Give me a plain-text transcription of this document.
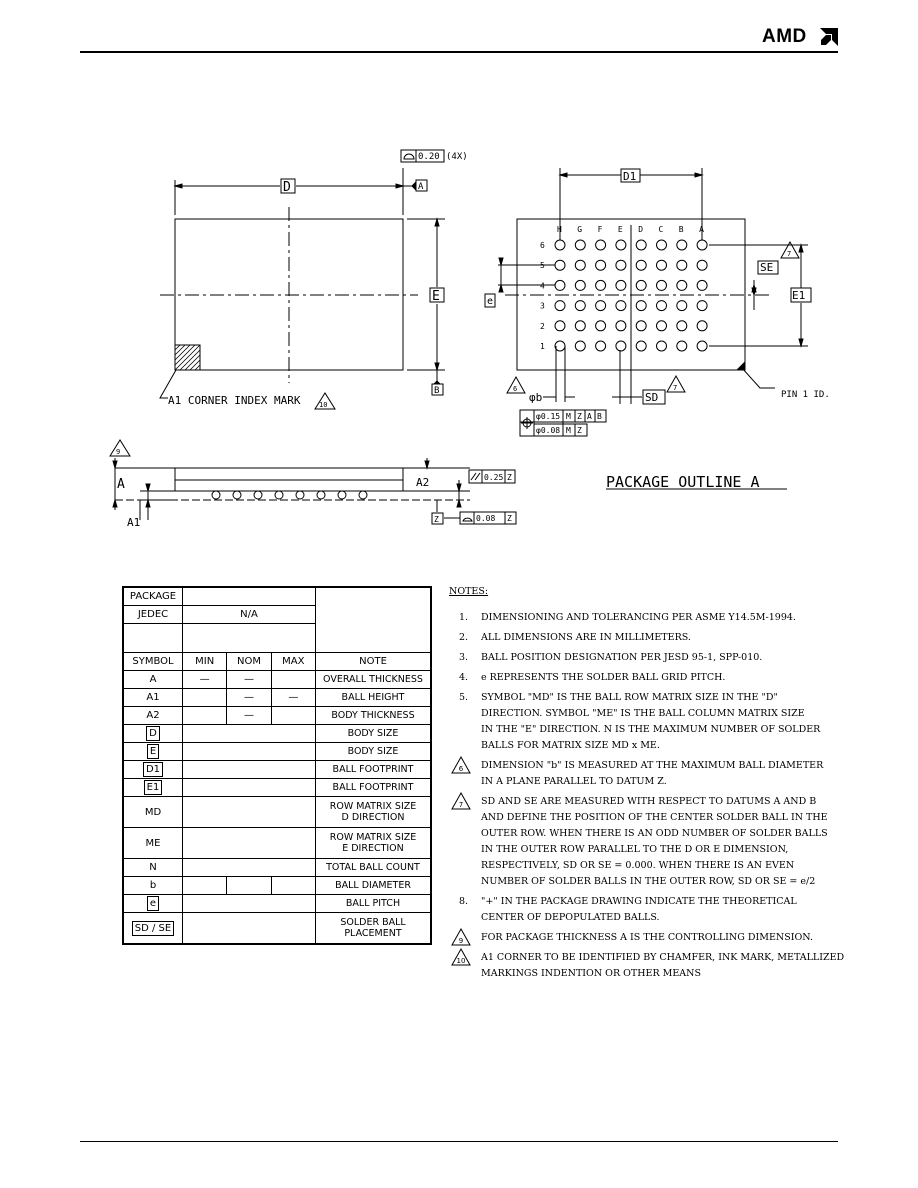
AMD
0.20 (4X)
A
B
D
E
A1 CORNER INDEX MARK	10
D1
E1
SE
SD
e
φb
7
7
6
PIN 1 ID.
φ0.15 M Z A B
φ0.08 M Z
H G F E D C B A
6
5
4
3
2
1
9
A
A1
A2	0.25 Z
Z	0.08 Z
PACKAGE OUTLINE A
PACKAGE				
JEDEC	N/A			

SYMBOL	MIN	NOM	MAX	NOTE
A	—	—		OVERALL THICKNESS
A1		—	—	BALL HEIGHT
A2		—		BODY THICKNESS
D				BODY SIZE
E				BODY SIZE
D1				BALL FOOTPRINT
E1				BALL FOOTPRINT
MD				ROW MATRIX SIZE
D DIRECTION

ME				ROW MATRIX SIZE
E DIRECTION

N				TOTAL BALL COUNT
b				BALL DIAMETER
e				BALL PITCH
SD / SE				SOLDER BALL
PLACEMENT
NOTES:
1. DIMENSIONING AND TOLERANCING PER ASME Y14.5M-1994.
2. ALL DIMENSIONS ARE IN MILLIMETERS.
3. BALL POSITION DESIGNATION PER JESD 95-1, SPP-010.
4. e REPRESENTS THE SOLDER BALL GRID PITCH.
5. SYMBOL "MD" IS THE BALL ROW MATRIX SIZE IN THE "D"
DIRECTION. SYMBOL "ME" IS THE BALL COLUMN MATRIX SIZE
IN THE "E" DIRECTION. N IS THE MAXIMUM NUMBER OF SOLDER
BALLS FOR MATRIX SIZE MD x ME.
6	DIMENSION "b" IS MEASURED AT THE MAXIMUM BALL DIAMETER
IN A PLANE PARALLEL TO DATUM Z.
7	SD AND SE ARE MEASURED WITH RESPECT TO DATUMS A AND B
AND DEFINE THE POSITION OF THE CENTER SOLDER BALL IN THE
OUTER ROW. WHEN THERE IS AN ODD NUMBER OF SOLDER BALLS
IN THE OUTER ROW PARALLEL TO THE D OR E DIMENSION,
RESPECTIVELY, SD OR SE = 0.000. WHEN THERE IS AN EVEN
NUMBER OF SOLDER BALLS IN THE OUTER ROW, SD OR SE = e/2
8. "+" IN THE PACKAGE DRAWING INDICATE THE THEORETICAL
CENTER OF DEPOPULATED BALLS.
9	FOR PACKAGE THICKNESS A IS THE CONTROLLING DIMENSION.
10	A1 CORNER TO BE IDENTIFIED BY CHAMFER, INK MARK, METALLIZED
MARKINGS INDENTION OR OTHER MEANS
